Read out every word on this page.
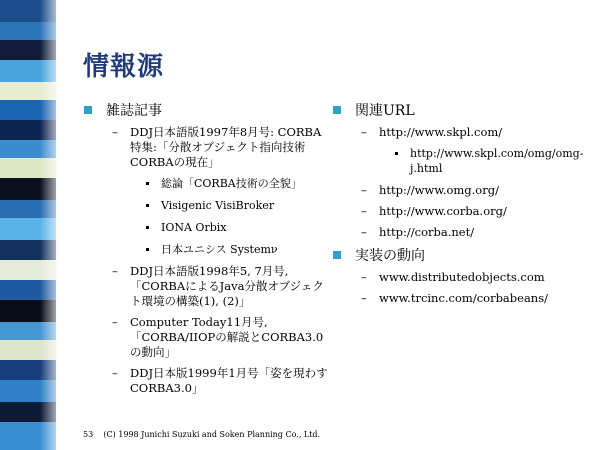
情報源
雑誌記事
– DDJ日本語版1997年8月号: CORBA特集:「分散オブジェクト指向技術CORBAの現在」
総論「CORBA技術の全貌」
Visigenic VisiBroker
IONA Orbix
日本ユニシス Systemν
– DDJ日本語版1998年5, 7月号, 「CORBAによるJava分散オブジェクト環境の構築(1), (2)」
– Computer Today11月号, 「CORBA/IIOPの解説とCORBA3.0の動向」
– DDJ日本版1999年1月号「姿を現わすCORBA3.0」
関連URL
– http://www.skpl.com/
http://www.skpl.com/omg/omg-j.html
– http://www.omg.org/
– http://www.corba.org/
– http://corba.net/
実装の動向
– www.distributedobjects.com
– www.trcinc.com/corbabeans/
53 (C) 1998 Junichi Suzuki and Soken Planning Co., Ltd.
